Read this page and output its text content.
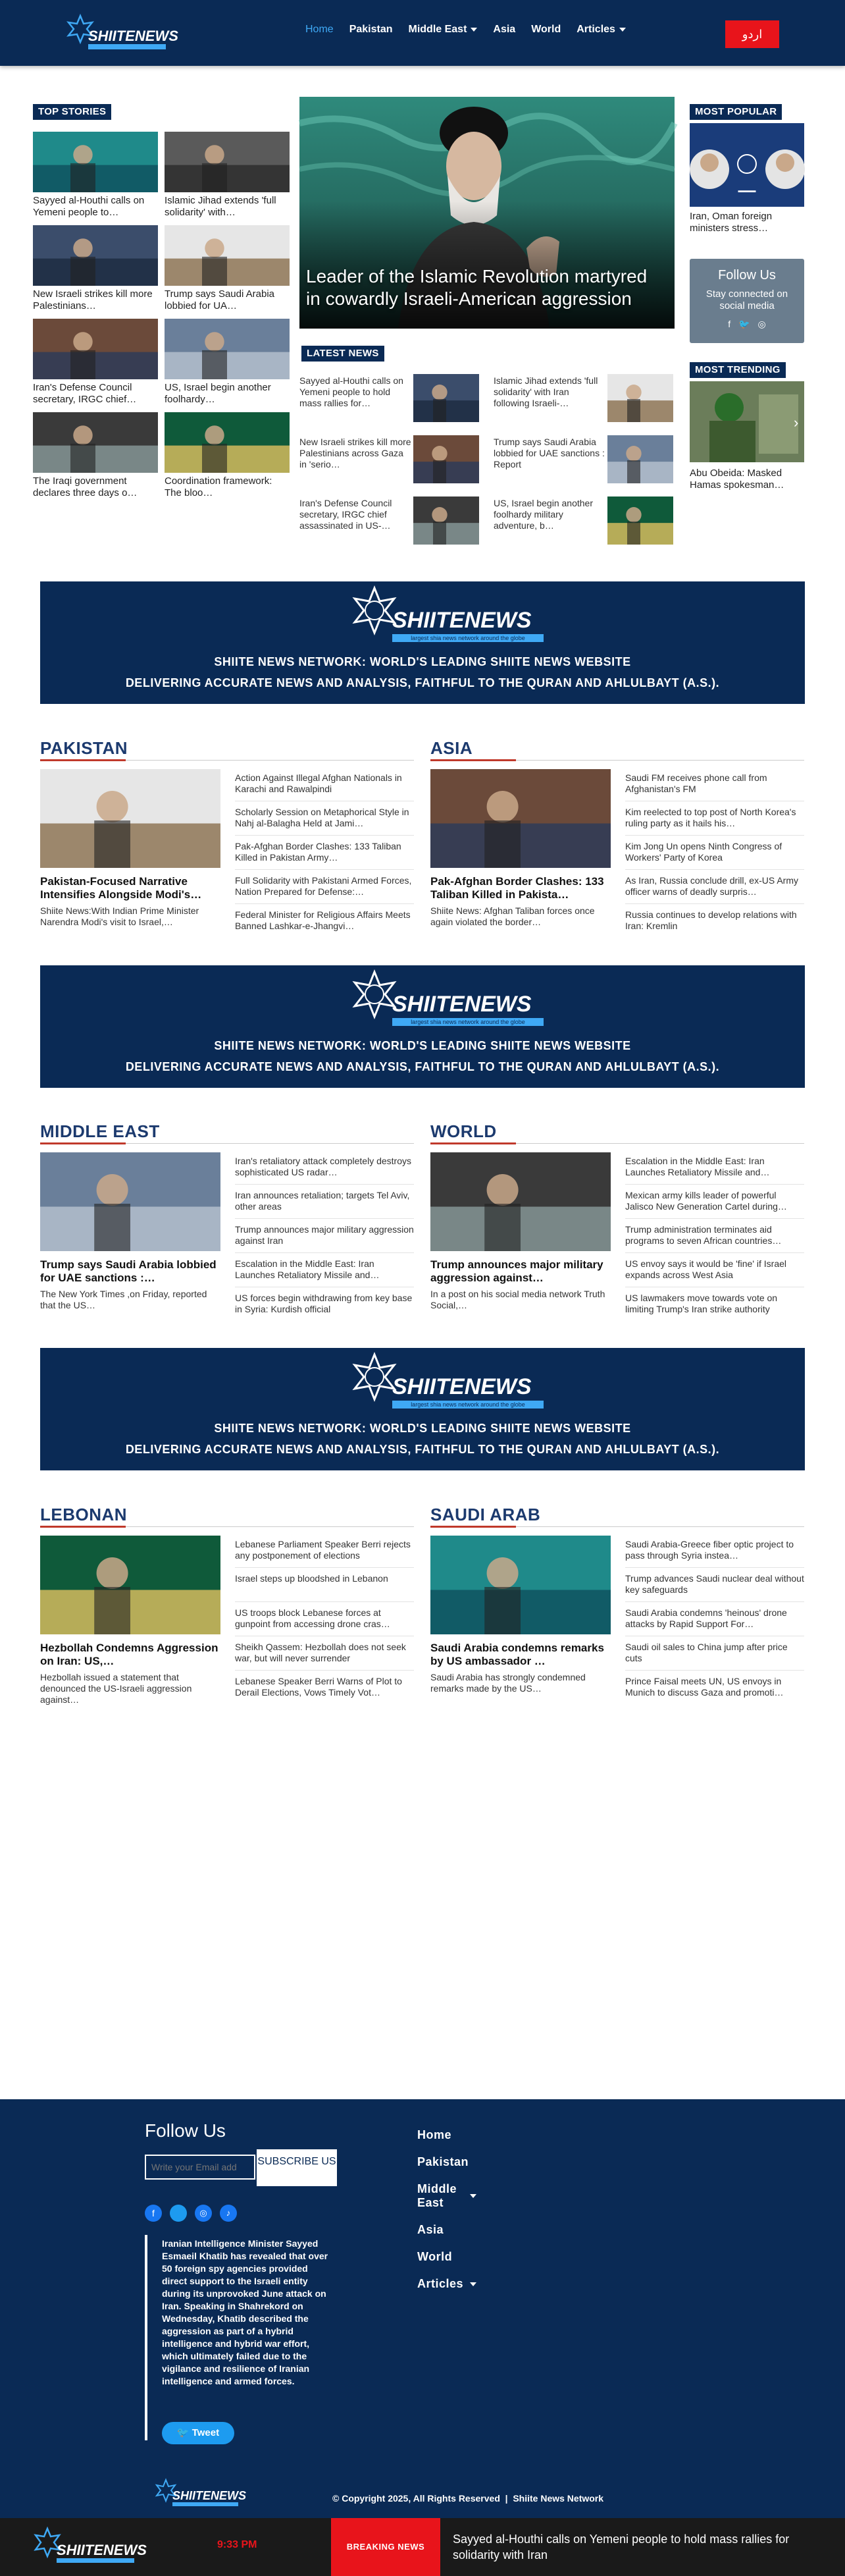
SHIITENEWS	Home Pakistan Middle East	Asia World Articles	اردو
TOP STORIES
Sayyed al-Houthi calls on Yemeni people to…
Islamic Jihad extends 'full solidarity' with…
New Israeli strikes kill more Palestinians…
Trump says Saudi Arabia lobbied for UA…
Iran's Defense Council secretary, IRGC chief…
US, Israel begin another foolhardy…
The Iraqi government declares three days o…
Coordination framework: The bloo…
Leader of the Islamic Revolution martyred in cowardly Israeli-American aggression
LATEST NEWS
Sayyed al-Houthi calls on Yemeni people to hold mass rallies for…
Islamic Jihad extends 'full solidarity' with Iran following Israeli-…
New Israeli strikes kill more Palestinians across Gaza in 'serio…
Trump says Saudi Arabia lobbied for UAE sanctions : Report
Iran's Defense Council secretary, IRGC chief assassinated in US-…
US, Israel begin another foolhardy military adventure, b…
MOST POPULAR
▬▬▬
Iran, Oman foreign ministers stress…
Follow Us
Stay connected on social media
f 🐦 ◎
MOST TRENDING
›
Abu Obeida: Masked Hamas spokesman…
SHIITENEWS
largest shia news network around the globe
SHIITE NEWS NETWORK: WORLD'S LEADING SHIITE NEWS WEBSITE
DELIVERING ACCURATE NEWS AND ANALYSIS, FAITHFUL TO THE QURAN AND AHLULBAYT (A.S.).
SHIITENEWS
largest shia news network around the globe
SHIITE NEWS NETWORK: WORLD'S LEADING SHIITE NEWS WEBSITE
DELIVERING ACCURATE NEWS AND ANALYSIS, FAITHFUL TO THE QURAN AND AHLULBAYT (A.S.).
SHIITENEWS
largest shia news network around the globe
SHIITE NEWS NETWORK: WORLD'S LEADING SHIITE NEWS WEBSITE
DELIVERING ACCURATE NEWS AND ANALYSIS, FAITHFUL TO THE QURAN AND AHLULBAYT (A.S.).
PAKISTAN
Pakistan-Focused Narrative Intensifies Alongside Modi's…
Shiite News:With Indian Prime Minister Narendra Modi's visit to Israel,…
Action Against Illegal Afghan Nationals in Karachi and Rawalpindi
Scholarly Session on Metaphorical Style in Nahj al-Balagha Held at Jami…
Pak-Afghan Border Clashes: 133 Taliban Killed in Pakistan Army…
Full Solidarity with Pakistani Armed Forces, Nation Prepared for Defense:…
Federal Minister for Religious Affairs Meets Banned Lashkar-e-Jhangvi…
ASIA
Pak-Afghan Border Clashes: 133 Taliban Killed in Pakista…
Shiite News: Afghan Taliban forces once again violated the border…
Saudi FM receives phone call from Afghanistan's FM
Kim reelected to top post of North Korea's ruling party as it hails his…
Kim Jong Un opens Ninth Congress of Workers' Party of Korea
As Iran, Russia conclude drill, ex-US Army officer warns of deadly surpris…
Russia continues to develop relations with Iran: Kremlin
MIDDLE EAST
Trump says Saudi Arabia lobbied for UAE sanctions :…
The New York Times ,on Friday, reported that the US…
Iran's retaliatory attack completely destroys sophisticated US radar…
Iran announces retaliation; targets Tel Aviv, other areas
Trump announces major military aggression against Iran
Escalation in the Middle East: Iran Launches Retaliatory Missile and…
US forces begin withdrawing from key base in Syria: Kurdish official
WORLD
Trump announces major military aggression against…
In a post on his social media network Truth Social,…
Escalation in the Middle East: Iran Launches Retaliatory Missile and…
Mexican army kills leader of powerful Jalisco New Generation Cartel during…
Trump administration terminates aid programs to seven African countries…
US envoy says it would be 'fine' if Israel expands across West Asia
US lawmakers move towards vote on limiting Trump's Iran strike authority
LEBONAN
Hezbollah Condemns Aggression on Iran: US,…
Hezbollah issued a statement that denounced the US-Israeli aggression against…
Lebanese Parliament Speaker Berri rejects any postponement of elections
Israel steps up bloodshed in Lebanon
US troops block Lebanese forces at gunpoint from accessing drone cras…
Sheikh Qassem: Hezbollah does not seek war, but will never surrender
Lebanese Speaker Berri Warns of Plot to Derail Elections, Vows Timely Vot…
SAUDI ARAB
Saudi Arabia condemns remarks by US ambassador …
Saudi Arabia has strongly condemned remarks made by the US…
Saudi Arabia-Greece fiber optic project to pass through Syria instea…
Trump advances Saudi nuclear deal without key safeguards
Saudi Arabia condemns 'heinous' drone attacks by Rapid Support For…
Saudi oil sales to China jump after price cuts
Prince Faisal meets UN, US envoys in Munich to discuss Gaza and promoti…
Follow Us
Write your Email add
SUBSCRIBE US
f	◎	♪
Iranian Intelligence Minister Sayyed Esmaeil Khatib has revealed that over 50 foreign spy agencies provided direct support to the Israeli entity during its unprovoked June attack on Iran. Speaking in Shahrekord on Wednesday, Khatib described the aggression as part of a hybrid intelligence and hybrid war effort, which ultimately failed due to the vigilance and resilience of Iranian intelligence and armed forces.
🐦 Tweet
Home
Pakistan
Middle East
Asia
World
Articles
SHIITENEWS	© Copyright 2025, All Rights Reserved  |  Shiite News Network
SHIITENEWS	9:33 PM	BREAKING NEWS
Sayyed al-Houthi calls on Yemeni people to hold mass rallies for solidarity with Iran
